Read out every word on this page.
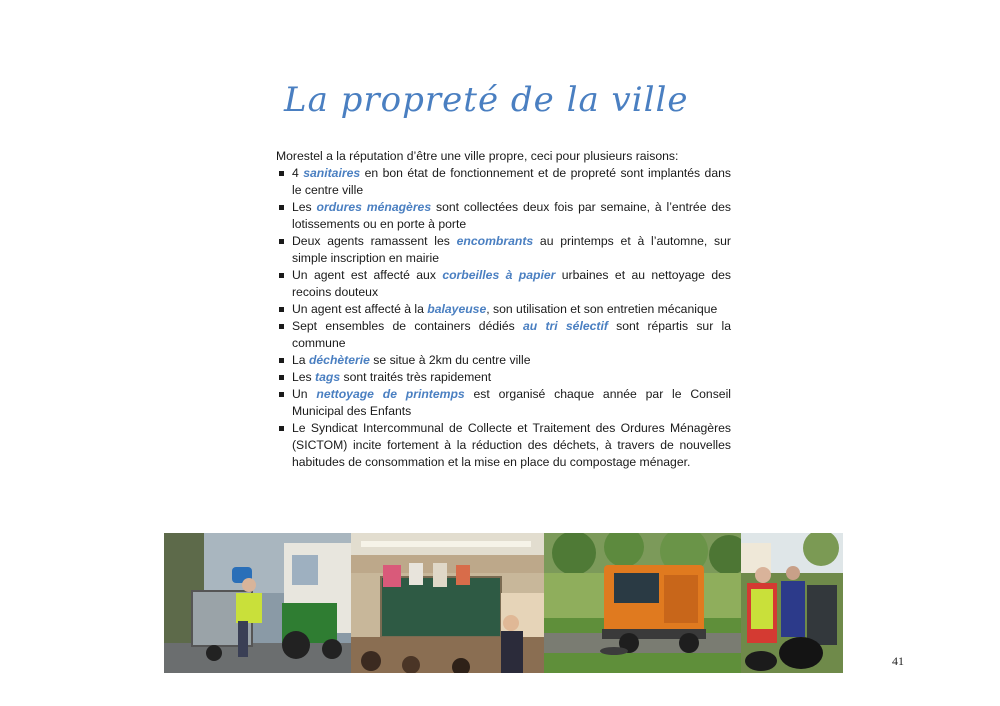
La propreté de la ville

Morestel a la réputation d’être une ville propre, ceci pour plusieurs raisons:

4 sanitaires en bon état de fonctionnement et de propreté sont implantés dans le centre ville
Les ordures ménagères sont collectées deux fois par semaine, à l’entrée des lotissements ou en porte à porte
Deux agents ramassent les encombrants au printemps et à l’automne, sur simple inscription en mairie
Un agent est affecté aux corbeilles à papier urbaines et au nettoyage des recoins douteux
Un agent est affecté à la balayeuse, son utilisation et son entretien mécanique
Sept ensembles de containers dédiés au tri sélectif sont répartis sur la commune
La déchèterie se situe à 2km du centre ville
Les tags sont traités très rapidement
Un nettoyage de printemps est organisé chaque année par le Conseil Municipal des Enfants
Le Syndicat Intercommunal de Collecte et Traitement des Ordures Ménagères (SICTOM) incite fortement à la réduction des déchets, à travers de nouvelles habitudes de consommation et la mise en place du compostage ménager.
41
